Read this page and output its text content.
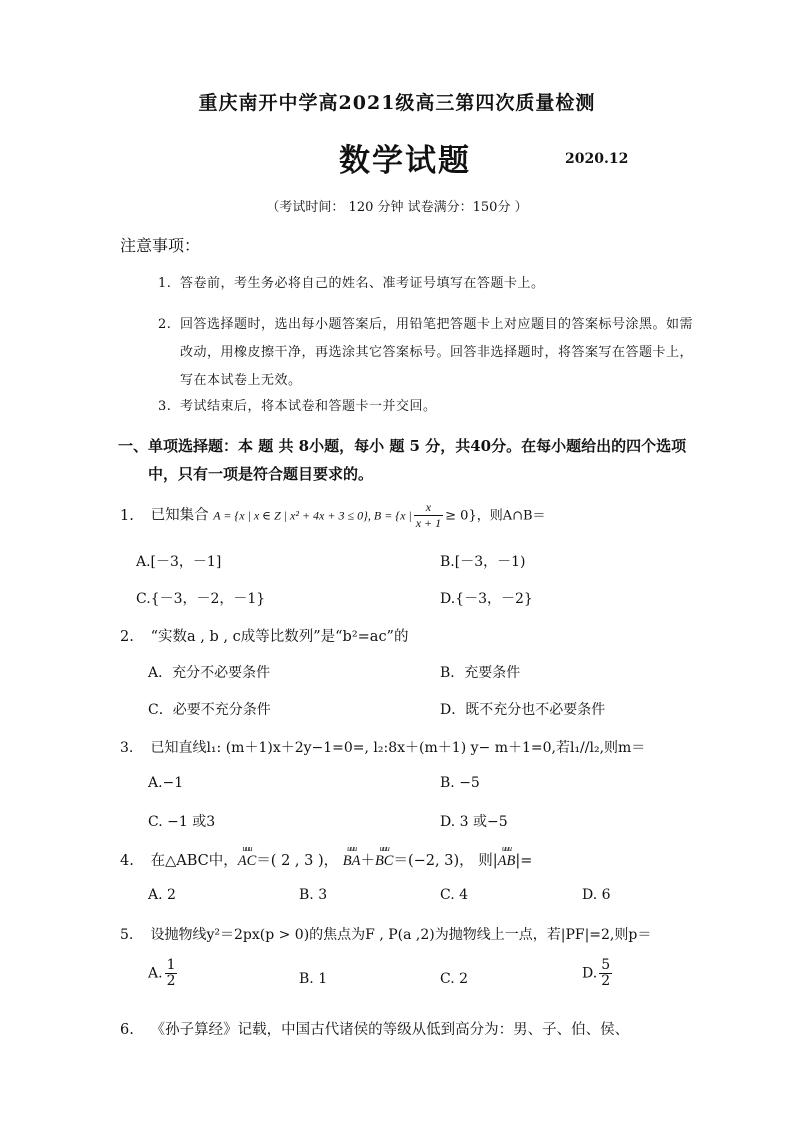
重庆南开中学高2021级高三第四次质量检测
数学试题	2020.12
（考试时间： 120 分钟 试卷满分：150分 ）
注意事项：
1. 答卷前，考生务必将自己的姓名、准考证号填写在答题卡上。
2. 回答选择题时，选出每小题答案后，用铅笔把答题卡上对应题目的答案标号涂黑。如需改动，用橡皮擦干净，再选涂其它答案标号。回答非选择题时，将答案写在答题卡上，写在本试卷上无效。
3. 考试结束后，将本试卷和答题卡一并交回。
一、单项选择题：本 题 共 8小题，每小 题 5 分，共40分。在每小题给出的四个选项中，只有一项是符合题目要求的。
1. 已知集合 A = {x | x ∈ Z | x² + 4x + 3 ≤ 0}, B = {x | $\frac{x}{x + 1} \ge 0$}，则A∩B＝
A.[－3，－1]	B.[－3，－1)
C.{－3，－2，－1}	D.{－3，－2}
2. “实数a , b , c成等比数列”是“b²=ac”的
A．充分不必要条件	B．充要条件
C．必要不充分条件	D．既不充分也不必要条件
3. 已知直线l₁: (m＋1)x＋2y−1=0=, l₂:8x＋(m＋1) y− m＋1=0,若l₁//l₂,则m＝
A.−1	B. −5
C. −1 或3	D. 3 或−5
4. 在△ABC中，uuu AC＝( 2 , 3 )， uuu BA＋uuu BC＝(−2, 3)， 则|uuu AB|=
A. 2	B. 3	C. 4	D. 6
5. 设抛物线y²＝2px(p > 0)的焦点为F , P(a ,2)为抛物线上一点，若|PF|=2,则p＝
A. $\frac{1}{2}$	B. 1	C. 2	D. $\frac{5}{2}$
6. 《孙子算经》记载，中国古代诸侯的等级从低到高分为：男、子、伯、侯、
